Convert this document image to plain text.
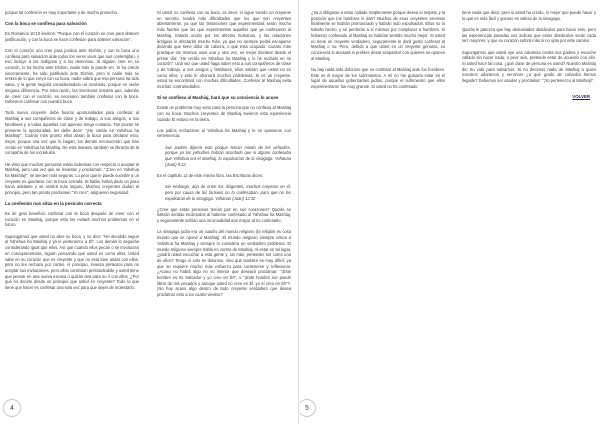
porque tal confesión es muy importante y de mucho provecho.

Con la boca se confiesa para salvación

En Romanos 10:10 leemos: "Porque con el corazón se cree para obtener justificación, y con la boca se hace confesión para obtener salvación".

Con el corazón uno cree para justicia ante Elohim, y con la boca uno confiesa para salvación ante todos los seres vivos que nos contemplan, y eso incluye a los malignos y a los demonios. Si alguien cree en su corazón, lo ha hecho ante Elohim, nadie más lo puede ver. Si ha creído sinceramente, ha sido justificado ante Elohim, pero si nadie más se entera de lo que creyó con su boca, nadie sabrá que esa persona ha sido salva, y la gente seguirá considerándolo un incrédulo, porque no verán ninguna diferencia. Por esta razón, las Escrituras insisten que, además de creer con el corazón, es necesario también confesar con la boca. Debemos confesar con nuestra boca.

Todo nuevo creyente debe buscar oportunidades para confesar al Mashiaj a sus compañeros de clase y de trabajo, a sus amigos, a sus familiares y a todas aquellas con quienes tenga contacto. Tan pronto se presente la oportunidad, les debe decir: "¡He creído en Yahshua ha Mashiaj!". Cuanto más pronto ellos abran la boca para declarar esto, mejor, porque una vez que lo hagan, los demás reconocerán que han creído en Yahshua ha Mashiaj. De esta manera, también se librarán de la compañía de los incrédulos.

He visto que muchas personas están indecisas con respecto a aceptar al Mashiaj, pero una vez que se levantan y proclaman: "¡Creo en Yahshua ha Mashiaj!", se sienten más seguras. Lo peor que le puede suceder a un creyente es quedarse con la boca cerrada. Si habla, habrá dado un paso hacia adelante y se sentirá más seguro. Muchos creyentes dudan al principio, pero tan pronto proclaman "Yo creo", adquieren seguridad.

La confesión nos sitúa en la posición correcta

Es de gran beneficio confesar con la boca después de creer con el corazón en Mashiaj, porque esto los evitará muchos problemas en el futuro.

Supongamos que usted no abre su boca, y no dice: "He decidido seguir al Yahshua ha Mashiaj y ya le pertenezco a Él". Los demás lo seguirán considerando igual que ellos. Así que cuando ellos pecan o se involucran en concupiscencias, siguen pensando que usted es como ellos. Usted sabe en su corazón que es creyente y que no está bien andar con ellos, pero no les rechaza por cortés. Al principio, inventa pretextos para no aceptar sus invitaciones, pero ellos continúan presionándole y usted tiene que pensar en una nueva excusa o quizás otra para no ir con ellos. ¿Por qué no decirle desde un principio que usted es creyente? Todo lo que tiene que hacer es confesar una sola vez para que dejen de molestarlo.

Si usted no confiesa con su boca, es decir, si sigue siendo un creyente en secreto, tendrá más dificultades que los que son creyentes abiertamente, ya que las tentaciones que experimentará serán mucho más fuertes que las que experimentan aquellos que ya confesaron al Mashiaj. Estado oculto por los afectos humanos, y las relaciones antiguas le afectarán mucho más, ya que no siempre podrá escaparse diciendo que tiene dolor de cabeza, o que está ocupado. Cuanto más practique los mismos usos una y otra vez, es mejor declarar desde el primer día: "He creído en Yahshua ha Mashiaj y lo he recibido en mi corazón". Una vez que usted haga saber esto a sus compañeros de clase y de trabajo, a sus amigos y familiares, ellos sabrán que usted no es como ellos, y esto le ahorrará muchos problemas. Si es un creyente, usted se encontrará con muchas dificultades. Confesar al Mashiaj evita muchas contrariedades.

Si se confiesa al Mashiaj, hará que su conciencia lo acuse

Existe un problema muy serio para la persona que no confiesa al Mashiaj con su boca. Muchos creyentes de Mashiaj tuvieron esta experiencia cuando Él estuvo en la tierra.

Los judíos rechazaron al Yahshua ha Mashiaj y le se opusieron con vehemencia:

Sus padres dijeron esto porque tenían miedo de los yehudíes, porque ya los yehudíes habían acordado que si alguno confesaba que Yahshua era el Mashiaj, lo expulsarían de la sinagoga. Yohanan (Juan) 9:22

En el capítulo 12 de este mismo libro, las Escrituras dicen:

Sin embargo, aún de entre los dirigentes, muchos creyeron en él, pero por causa de los fariseos no lo confesaban, para que no los expulsaran de la sinagoga. Yohanan (Juan) 12:42

¿Cree que estas personas tenían paz en sus corazones? Quizás se habrán sentido incómodos al haberse confesado al Yahshua ha Mashiaj, y seguramente sufrían una incomodidad aún mayor al no confesarlo.

La sinagoga judía era un cuadro del mundo religioso (la religión es cosa mundo que se opone a Mashiaj). El mundo religioso siempre critica a Yahshua ha Mashiaj y siempre lo considera un verdadero problema. El mundo religioso siempre habla en contra de Mashiaj. Al estar en tal lugar, ¿podrá usted escuchar a esta gente y, sin más, pretender ser como uno de ellos? Tengo ni solo es doloroso, sino que también es muy difícil, ya que se requiere mucho más esfuerzo para contenerse y reflexionar. ¿Acaso no habrá algo en su interior que deseará proclamar: "¡Este hombre es mi Salvador y yo creo en Él!", o "¡Este hombre me puede librar de mis pecados y aunque usted no cree en Él, yo sí creo en Él!"?. ¡No hay acaso algo dentro de todo creyente verdadero que desea proclamar esto a los cuatro vientos?

4

¿Va a obligarse a estar callado simplemente porque desea el respeto y la posición que los hombres le dan? Muchos de esos creyentes secretos finalmente se habrán pronunciado y habrán sido expulsados. Ellos no lo habrán hecho, y se perderán a sí mismos por complacer a hombres. Si hubieran confesado al Mashiaj se habrían sentido mucho mejor. Si usted no tiene un creyente verdadero, seguramente le dará gusto confesar al Mashiaj o no. Pero, debido a que usted en un creyente genuino, su conciencia lo acusará si prefiere desar simpatizar con quienes se oponen al Mashiaj.

No hay nada más doloroso que no confesar al Mashiaj ante los hombres. Este es el mayor de los sufrimientos. A mí no me gustaría estar en el lugar de aquellos gobernantes judíos, porque el sufrimiento que ellos experimentaron fue muy grande. Si usted no ha confesado

tiene nada que decir, pero si usted ha creído, lo mejor que puede hacer y lo que es más fácil y gozoso es salirse de la sinagoga.

Quizás le parezca que hay demasiados obstáculos para hacer esto, pero las experiencias pasadas nos indican que estos obstáculos serán cada vez mayores, y que su corazón sufrirá más si no opta por este camino.

Supongamos que usted oye una calumnia contra sus padres y escuche callado sin hacer nada, o peor aún, pretende estar de acuerdo con ello. Si usted hace tal cosa, ¿qué clase de persona es usted? Nuestro Mashiaj dio Su vida para salvarnos. Si no decimos nada de Mashiaj a quien nosotros adoramos y servimos ¿a qué grado de cobardía hemos llegado? Debemos ser osados y proclamar: "¡Yo pertenezco al Mashiaj!".

VOLVER
5
